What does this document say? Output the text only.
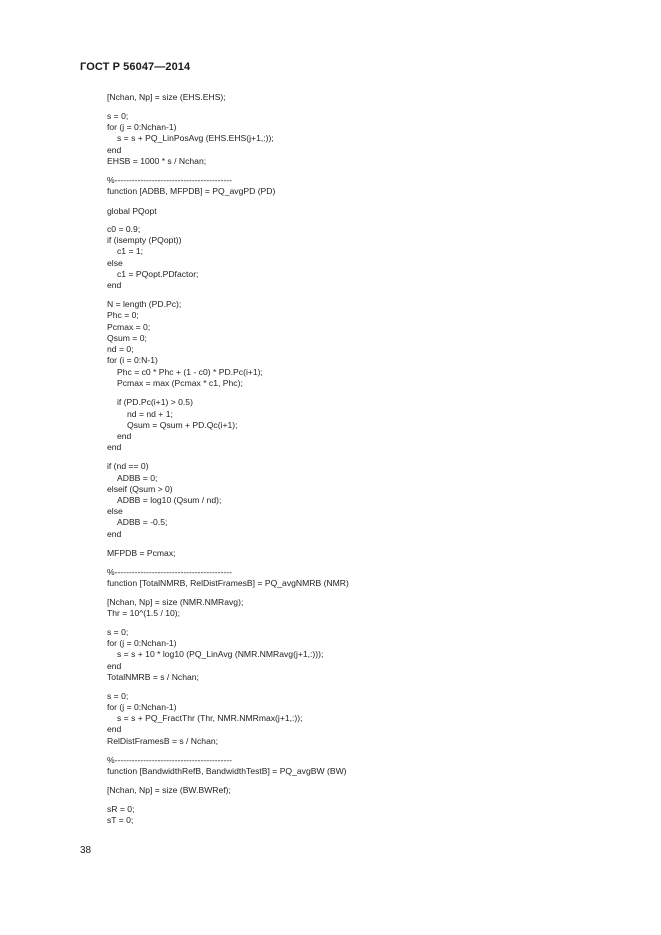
ГОСТ Р 56047—2014
[Nchan, Np] = size (EHS.EHS);
s = 0;
for (j = 0:Nchan-1)
s = s + PQ_LinPosAvg (EHS.EHS(j+1,:));
end
EHSB = 1000 * s / Nchan;
%-----------------------------------------
function [ADBB, MFPDB] = PQ_avgPD (PD)
global PQopt
c0 = 0.9;
if (isempty (PQopt))
c1 = 1;
else
c1 = PQopt.PDfactor;
end
N = length (PD.Pc);
Phc = 0;
Pcmax = 0;
Qsum = 0;
nd = 0;
for (i = 0:N-1)
Phc = c0 * Phc + (1 - c0) * PD.Pc(i+1);
Pcmax = max (Pcmax * c1, Phc);
if (PD.Pc(i+1) > 0.5)
nd = nd + 1;
Qsum = Qsum + PD.Qc(i+1);
end
end
if (nd == 0)
ADBB = 0;
elseif (Qsum > 0)
ADBB = log10 (Qsum / nd);
else
ADBB = -0.5;
end
MFPDB = Pcmax;
%-----------------------------------------
function [TotalNMRB, RelDistFramesB] = PQ_avgNMRB (NMR)
[Nchan, Np] = size (NMR.NMRavg);
Thr = 10^(1.5 / 10);
s = 0;
for (j = 0:Nchan-1)
s = s + 10 * log10 (PQ_LinAvg (NMR.NMRavg(j+1,:)));
end
TotalNMRB = s / Nchan;
s = 0;
for (j = 0:Nchan-1)
s = s + PQ_FractThr (Thr, NMR.NMRmax(j+1,:));
end
RelDistFramesB = s / Nchan;
%-----------------------------------------
function [BandwidthRefB, BandwidthTestB] = PQ_avgBW (BW)
[Nchan, Np] = size (BW.BWRef);
sR = 0;
sT = 0;
38
